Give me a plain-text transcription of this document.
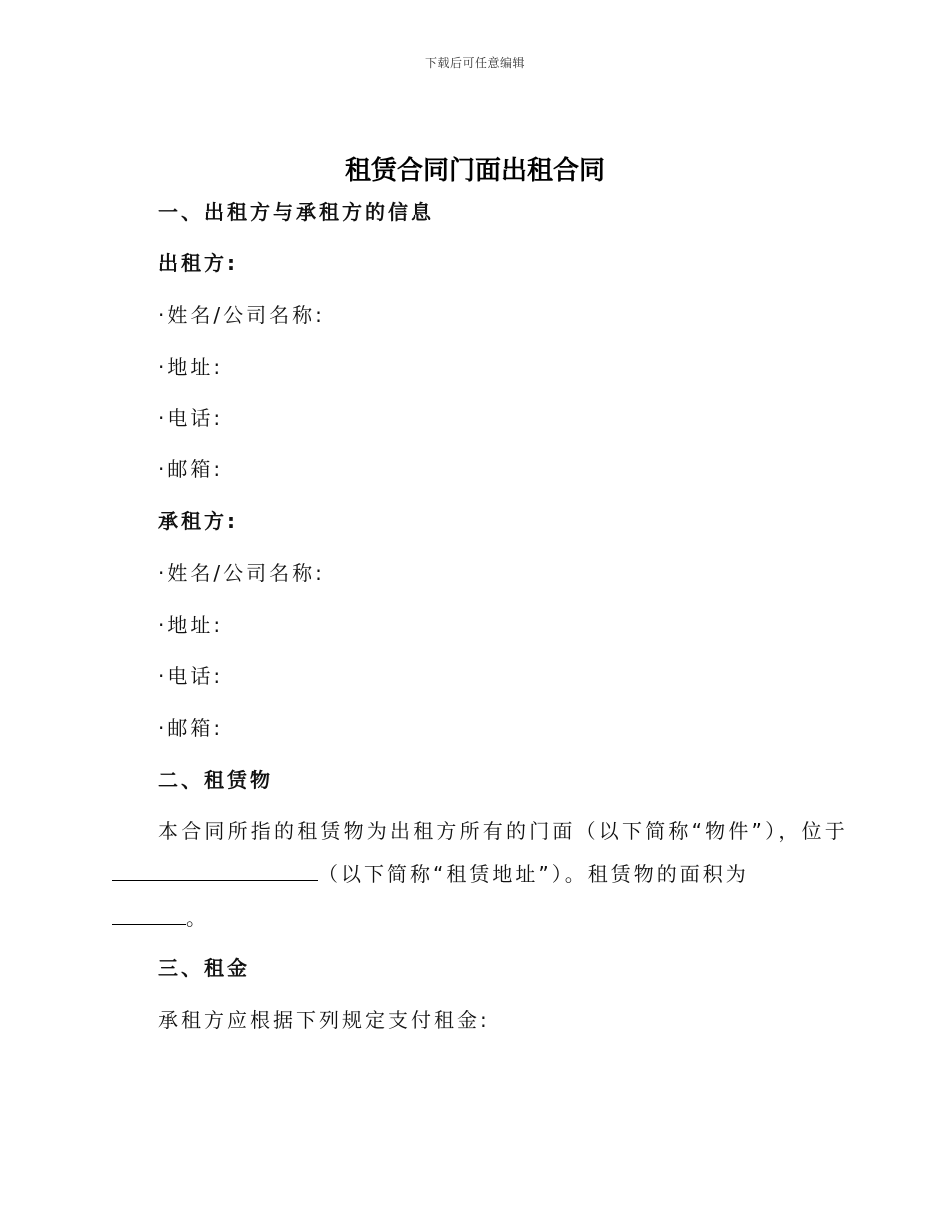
下载后可任意编辑
租赁合同门面出租合同
一、出租方与承租方的信息
出租方:
·姓名/公司名称:
·地址:
·电话:
·邮箱:
承租方:
·姓名/公司名称:
·地址:
·电话:
·邮箱:
二、租赁物
本合同所指的租赁物为出租方所有的门面（以下简称“物件”），位于
（以下简称“租赁地址”）。租赁物的面积为
。
三、租金
承租方应根据下列规定支付租金:
